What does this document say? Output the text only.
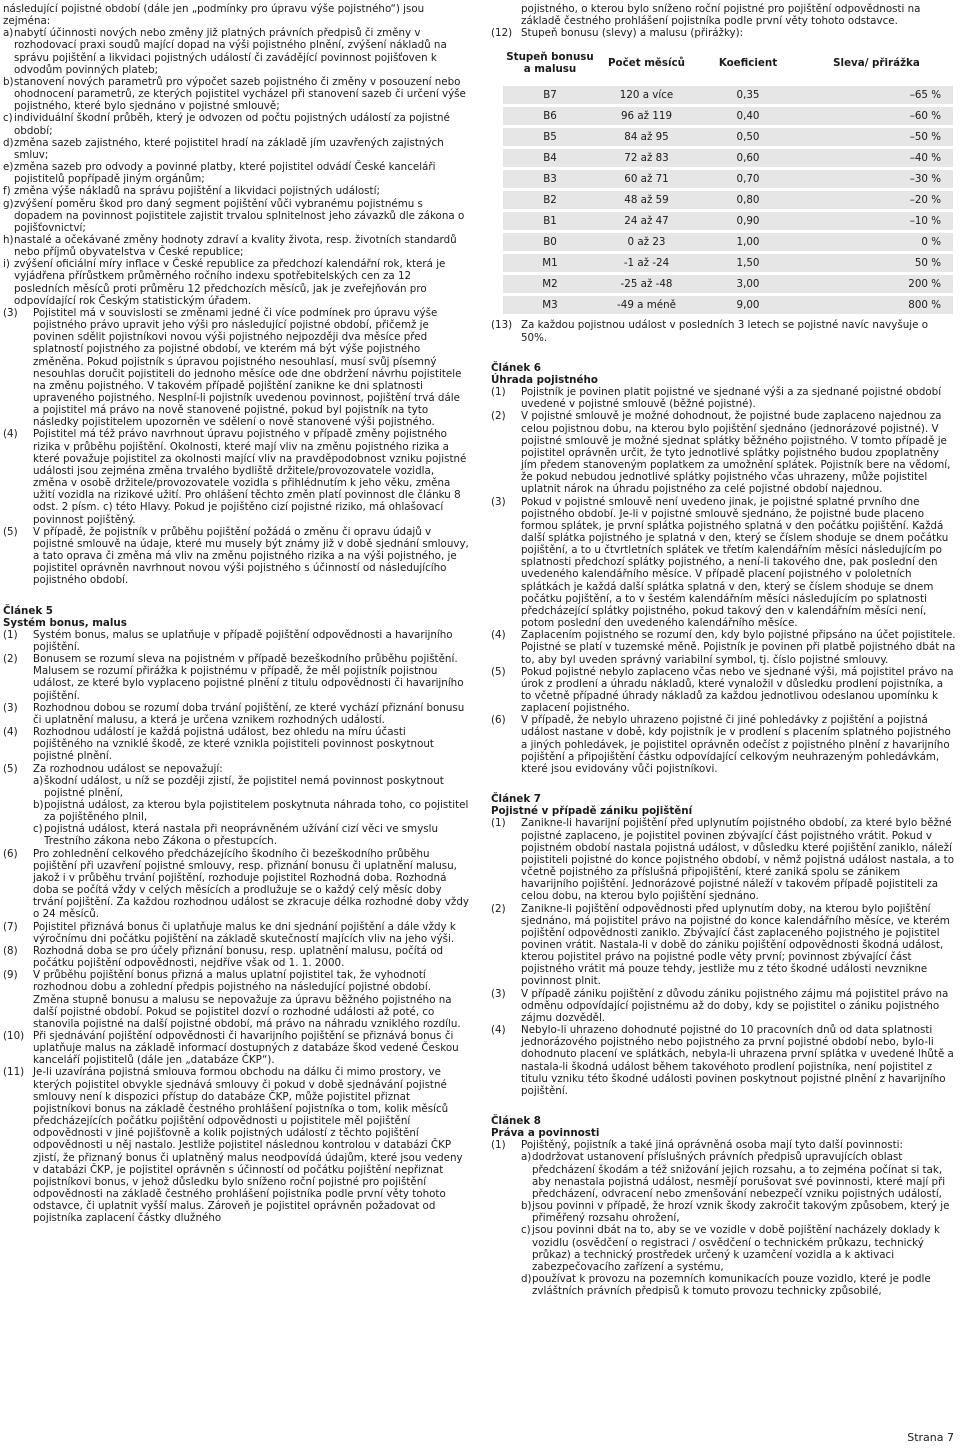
následující pojistné období (dále jen „podmínky pro úpravu výše pojistného“) jsou zejména:

a) nabytí účinnosti nových nebo změny již platných právních předpisů či změny v rozhodovací praxi soudů mající dopad na výši pojistného plnění, zvýšení nákladů na správu pojištění a likvidaci pojistných událostí či zavádějící povinnost pojišťoven k odvodům povinných plateb;
b) stanovení nových parametrů pro výpočet sazeb pojistného či změny v posouzení nebo ohodnocení parametrů, ze kterých pojistitel vycházel při stanovení sazeb či určení výše pojistného, které bylo sjednáno v pojistné smlouvě;
c) individuální škodní průběh, který je odvozen od počtu pojistných událostí za pojistné období;
d) změna sazeb zajistného, které pojistitel hradí na základě jím uzavřených zajistných smluv;
e) změna sazeb pro odvody a povinné platby, které pojistitel odvádí České kanceláři pojistitelů popřípadě jiným orgánům;
f) změna výše nákladů na správu pojištění a likvidaci pojistných událostí;
g) zvýšení poměru škod pro daný segment pojištění vůči vybranému pojistnému s dopadem na povinnost pojistitele zajistit trvalou splnitelnost jeho závazků dle zákona o pojišťovnictví;
h) nastalé a očekávané změny hodnoty zdraví a kvality života, resp. životních standardů nebo příjmů obyvatelstva v České republice;
i) zvýšení oficiální míry inflace v České republice za předchozí kalendářní rok, která je vyjádřena přírůstkem průměrného ročního indexu spotřebitelských cen za 12 posledních měsíců proti průměru 12 předchozích měsíců, jak je zveřejňován pro odpovídající rok Českým statistickým úřadem.
(3) Pojistitel má v souvislosti se změnami jedné či více podmínek pro úpravu výše pojistného právo upravit jeho výši pro následující pojistné období, přičemž je povinen sdělit pojistníkovi novou výši pojistného nejpozději dva měsíce před splatností pojistného za pojistné období, ve kterém má být výše pojistného změněna. Pokud pojistník s úpravou pojistného nesouhlasí, musí svůj písemný nesouhlas doručit pojistiteli do jednoho měsíce ode dne obdržení návrhu pojistitele na změnu pojistného. V takovém případě pojištění zanikne ke dni splatnosti upraveného pojistného. Nesplní-li pojistník uvedenou povinnost, pojištění trvá dále a pojistitel má právo na nově stanovené pojistné, pokud byl pojistník na tyto následky pojistitelem upozorněn ve sdělení o nově stanovené výši pojistného.
(4) Pojistitel má též právo navrhnout úpravu pojistného v případě změny pojistného rizika v průběhu pojištění. Okolnosti, které mají vliv na změnu pojistného rizika a které považuje pojistitel za okolnosti mající vliv na pravděpodobnost vzniku pojistné události jsou zejména změna trvalého bydliště držitele/provozovatele vozidla, změna v osobě držitele/provozovatele vozidla s přihlédnutím k jeho věku, změna užití vozidla na rizikové užití. Pro ohlášení těchto změn platí povinnost dle článku 8 odst. 2 písm. c) této Hlavy. Pokud je pojištěno cizí pojistné riziko, má ohlašovací povinnost pojištěný.
(5) V případě, že pojistník v průběhu pojištění požádá o změnu či opravu údajů v pojistné smlouvě na údaje, které mu musely být známy již v době sjednání smlouvy, a tato oprava či změna má vliv na změnu pojistného rizika a na výši pojistného, je pojistitel oprávněn navrhnout novou výši pojistného s účinností od následujícího pojistného období.
Článek 5
Systém bonus, malus
(1) Systém bonus, malus se uplatňuje v případě pojištění odpovědnosti a havarijního pojištění.
(2) Bonusem se rozumí sleva na pojistném v případě bezeškodního průběhu pojištění. Malusem se rozumí přirážka k pojistnému v případě, že měl pojistník pojistnou událost, ze které bylo vyplaceno pojistné plnění z titulu odpovědnosti či havarijního pojištění.
(3) Rozhodnou dobou se rozumí doba trvání pojištění, ze které vychází přiznání bonusu či uplatnění malusu, a která je určena vznikem rozhodných událostí.
(4) Rozhodnou událostí je každá pojistná událost, bez ohledu na míru účasti pojištěného na vzniklé škodě, ze které vznikla pojistiteli povinnost poskytnout pojistné plnění.
(5) Za rozhodnou událost se nepovažují:
a) škodní událost, u níž se později zjistí, že pojistitel nemá povinnost poskytnout pojistné plnění,
b) pojistná událost, za kterou byla pojistitelem poskytnuta náhrada toho, co pojistitel za pojištěného plnil,
c) pojistná událost, která nastala při neoprávněném užívání cizí věci ve smyslu Trestního zákona nebo Zákona o přestupcích.
(6) Pro zohlednění celkového předcházejícího škodního či bezeškodního průběhu pojištění při uzavření pojistné smlouvy, resp. přiznání bonusu či uplatnění malusu, jakož i v průběhu trvání pojištění, rozhoduje pojistitel Rozhodná doba. Rozhodná doba se počítá vždy v celých měsících a prodlužuje se o každý celý měsíc doby trvání pojištění. Za každou rozhodnou událost se zkracuje délka rozhodné doby vždy o 24 měsíců.
(7) Pojistitel přiznává bonus či uplatňuje malus ke dni sjednání pojištění a dále vždy k výročnímu dni počátku pojištění na základě skutečností majících vliv na jeho výši.
(8) Rozhodná doba se pro účely přiznání bonusu, resp. uplatnění malusu, počítá od počátku pojištění odpovědnosti, nejdříve však od 1. 1. 2000.
(9) V průběhu pojištění bonus přizná a malus uplatní pojistitel tak, že vyhodnotí rozhodnou dobu a zohlední předpis pojistného na následující pojistné období. Změna stupně bonusu a malusu se nepovažuje za úpravu běžného pojistného na další pojistné období. Pokud se pojistitel dozví o rozhodné události až poté, co stanovila pojistné na další pojistné období, má právo na náhradu vzniklého rozdílu.
(10) Při sjednávání pojištění odpovědnosti či havarijního pojištění se přiznává bonus či uplatňuje malus na základě informací dostupných z databáze škod vedené Českou kanceláří pojistitelů (dále jen „databáze ČKP“).
(11) Je-li uzavírána pojistná smlouva formou obchodu na dálku či mimo prostory, ve kterých pojistitel obvykle sjednává smlouvy či pokud v době sjednávání pojistné smlouvy není k dispozici přístup do databáze ČKP, může pojistitel přiznat pojistníkovi bonus na základě čestného prohlášení pojistníka o tom, kolik měsíců předcházejících počátku pojištění odpovědnosti u pojistitele měl pojištění odpovědnosti v jiné pojišťovně a kolik pojistných událostí z těchto pojištění odpovědnosti u něj nastalo. Jestliže pojistitel následnou kontrolou v databázi ČKP zjistí, že přiznaný bonus či uplatněný malus neodpovídá údajům, které jsou vedeny v databázi ČKP, je pojistitel oprávněn s účinností od počátku pojištění nepřiznat pojistníkovi bonus, v jehož důsledku bylo sníženo roční pojistné pro pojištění odpovědnosti na základě čestného prohlášení pojistníka podle první věty tohoto odstavce, či uplatnit vyšší malus. Zároveň je pojistitel oprávněn požadovat od pojistníka zaplacení částky dlužného

pojistného, o kterou bylo sníženo roční pojistné pro pojištění odpovědnosti na základě čestného prohlášení pojistníka podle první věty tohoto odstavce.

(12) Stupeň bonusu (slevy) a malusu (přirážky):
Stupeň bonusu a malusu	Počet měsíců	Koeficient	Sleva/ přirážka
B7	120 a více	0,35	–65 %
B6	96 až 119	0,40	–60 %
B5	84 až 95	0,50	–50 %
B4	72 až 83	0,60	–40 %
B3	60 až 71	0,70	–30 %
B2	48 až 59	0,80	–20 %
B1	24 až 47	0,90	–10 %
B0	0 až 23	1,00	0 %
M1	-1 až -24	1,50	50 %
M2	-25 až -48	3,00	200 %
M3	-49 a méně	9,00	800 %
(13) Za každou pojistnou událost v posledních 3 letech se pojistné navíc navyšuje o 50%.
Článek 6
Úhrada pojistného
(1) Pojistník je povinen platit pojistné ve sjednané výši a za sjednané pojistné období uvedené v pojistné smlouvě (běžné pojistné).
(2) V pojistné smlouvě je možné dohodnout, že pojistné bude zaplaceno najednou za celou pojistnou dobu, na kterou bylo pojištění sjednáno (jednorázové pojistné). V pojistné smlouvě je možné sjednat splátky běžného pojistného. V tomto případě je pojistitel oprávněn určit, že tyto jednotlivé splátky pojistného budou zpoplatněny jím předem stanoveným poplatkem za umožnění splátek. Pojistník bere na vědomí, že pokud nebudou jednotlivé splátky pojistného včas uhrazeny, může pojistitel uplatnit nárok na úhradu pojistného za celé pojistné období najednou.
(3) Pokud v pojistné smlouvě není uvedeno jinak, je pojistné splatné prvního dne pojistného období. Je-li v pojistné smlouvě sjednáno, že pojistné bude placeno formou splátek, je první splátka pojistného splatná v den počátku pojištění. Každá další splátka pojistného je splatná v den, který se číslem shoduje se dnem počátku pojištění, a to u čtvrtletních splátek ve třetím kalendářním měsíci následujícím po splatnosti předchozí splátky pojistného, a není-li takového dne, pak poslední den uvedeného kalendářního měsíce. V případě placení pojistného v pololetních splátkách je každá další splátka splatná v den, který se číslem shoduje se dnem počátku pojištění, a to v šestém kalendářním měsíci následujícím po splatnosti předcházející splátky pojistného, pokud takový den v kalendářním měsíci není, potom poslední den uvedeného kalendářního měsíce.
(4) Zaplacením pojistného se rozumí den, kdy bylo pojistné připsáno na účet pojistitele. Pojistné se platí v tuzemské měně. Pojistník je povinen při platbě pojistného dbát na to, aby byl uveden správný variabilní symbol, tj. číslo pojistné smlouvy.
(5) Pokud pojistné nebylo zaplaceno včas nebo ve sjednané výši, má pojistitel právo na úrok z prodlení a úhradu nákladů, které vynaložil v důsledku prodlení pojistníka, a to včetně případné úhrady nákladů za každou jednotlivou odeslanou upomínku k zaplacení pojistného.
(6) V případě, že nebylo uhrazeno pojistné či jiné pohledávky z pojištění a pojistná událost nastane v době, kdy pojistník je v prodlení s placením splatného pojistného a jiných pohledávek, je pojistitel oprávněn odečíst z pojistného plnění z havarijního pojištění a připojištění částku odpovídající celkovým neuhrazeným pohledávkám, které jsou evidovány vůči pojistníkovi.
Článek 7
Pojistné v případě zániku pojištění
(1) Zanikne-li havarijní pojištění před uplynutím pojistného období, za které bylo běžné pojistné zaplaceno, je pojistitel povinen zbývající část pojistného vrátit. Pokud v pojistném období nastala pojistná událost, v důsledku které pojištění zaniklo, náleží pojistiteli pojistné do konce pojistného období, v němž pojistná událost nastala, a to včetně pojistného za příslušná připojištění, které zaniká spolu se zánikem havarijního pojištění. Jednorázové pojistné náleží v takovém případě pojistiteli za celou dobu, na kterou bylo pojištění sjednáno.
(2) Zanikne-li pojištění odpovědnosti před uplynutím doby, na kterou bylo pojištění sjednáno, má pojistitel právo na pojistné do konce kalendářního měsíce, ve kterém pojištění odpovědnosti zaniklo. Zbývající část zaplaceného pojistného je pojistitel povinen vrátit. Nastala-li v době do zániku pojištění odpovědnosti škodná událost, kterou pojistitel právo na pojistné podle věty první; povinnost zbývající část pojistného vrátit má pouze tehdy, jestliže mu z této škodné události nevznikne povinnost plnit.
(3) V případě zániku pojištění z důvodu zániku pojistného zájmu má pojistitel právo na odměnu odpovídající pojistnému až do doby, kdy se pojistitel o zániku pojistného zájmu dozvěděl.
(4) Nebylo-li uhrazeno dohodnuté pojistné do 10 pracovních dnů od data splatnosti jednorázového pojistného nebo pojistného za první pojistné období nebo, bylo-li dohodnuto placení ve splátkách, nebyla-li uhrazena první splátka v uvedené lhůtě a nastala-li škodná událost během takovéhoto prodlení pojistníka, není pojistitel z titulu vzniku této škodné události povinen poskytnout pojistné plnění z havarijního pojištění.
Článek 8
Práva a povinnosti
(1) Pojištěný, pojistník a také jiná oprávněná osoba mají tyto další povinnosti:
a) dodržovat ustanovení příslušných právních předpisů upravujících oblast předcházení škodám a též snižování jejich rozsahu, a to zejména počínat si tak, aby nenastala pojistná událost, nesmějí porušovat své povinnosti, které mají při předcházení, odvracení nebo zmenšování nebezpečí vzniku pojistných událostí,
b) jsou povinni v případě, že hrozí vznik škody zakročit takovým způsobem, který je přiměřený rozsahu ohrožení,
c) jsou povinni dbát na to, aby se ve vozidle v době pojištění nacházely doklady k vozidlu (osvědčení o registraci / osvědčení o technickém průkazu, technický průkaz) a technický prostředek určený k uzamčení vozidla a k aktivaci zabezpečovacího zařízení a systému,
d) používat k provozu na pozemních komunikacích pouze vozidlo, které je podle zvláštních právních předpisů k tomuto provozu technicky způsobilé,
Strana 7
